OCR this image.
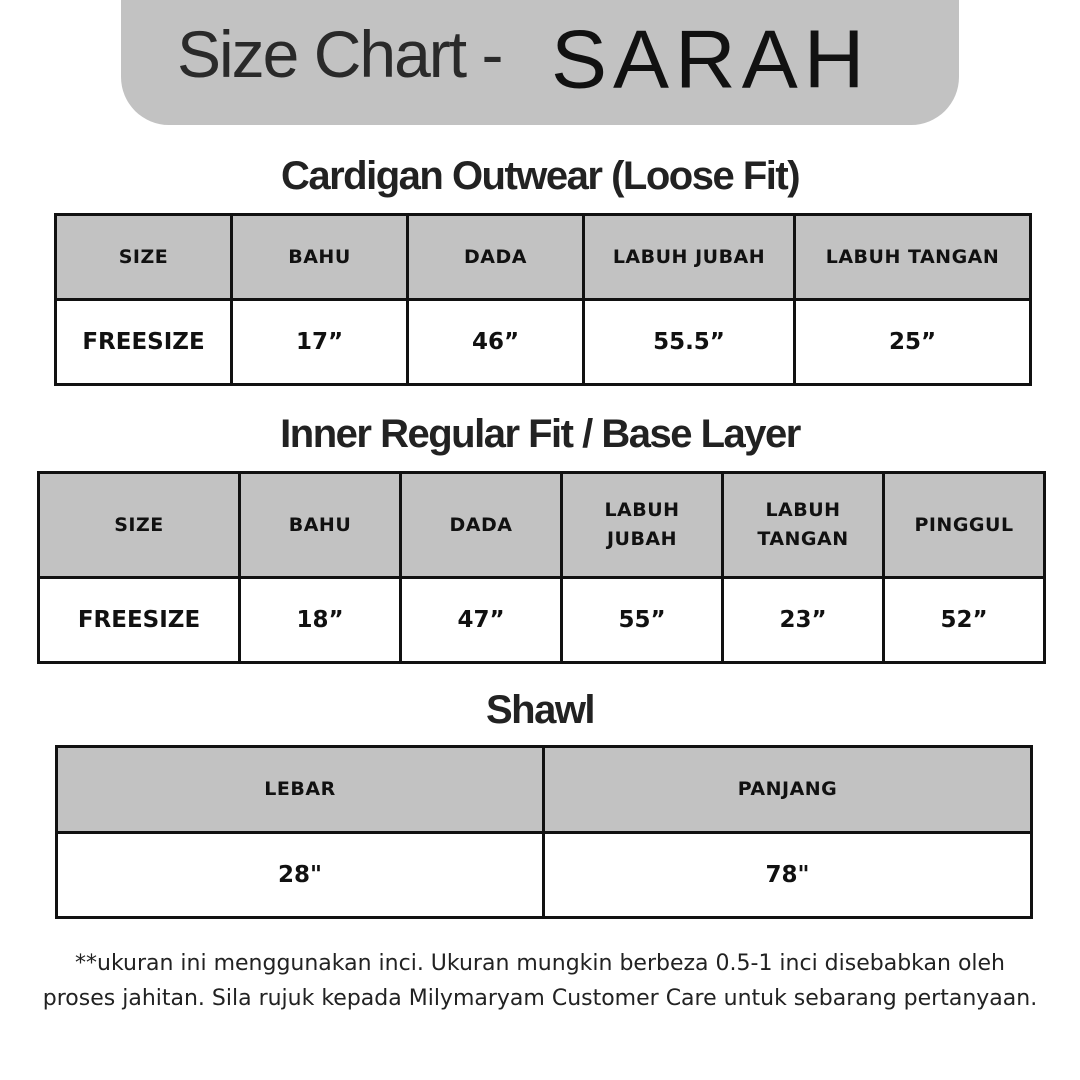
Size Chart - SARAH
Cardigan Outwear (Loose Fit)
SIZE	BAHU	DADA	LABUH JUBAH	LABUH TANGAN
FREESIZE	17”	46”	55.5”	25”
Inner Regular Fit / Base Layer
SIZE	BAHU	DADA	LABUH JUBAH	LABUH TANGAN	PINGGUL
FREESIZE	18”	47”	55”	23”	52”
Shawl
LEBAR	PANJANG
28"	78"
**ukuran ini menggunakan inci. Ukuran mungkin berbeza 0.5-1 inci disebabkan oleh proses jahitan. Sila rujuk kepada Milymaryam Customer Care untuk sebarang pertanyaan.
